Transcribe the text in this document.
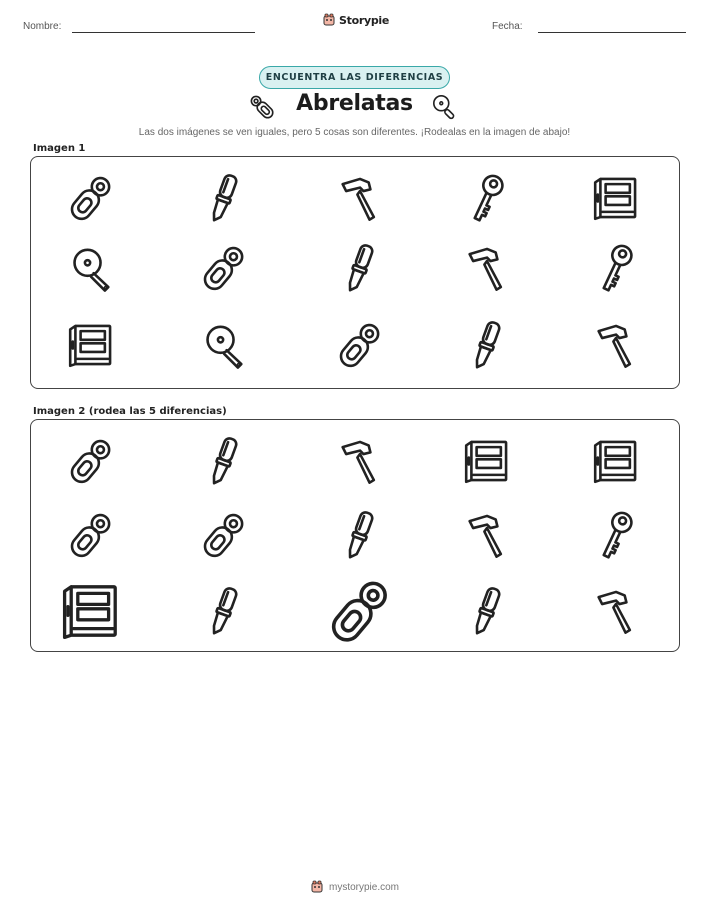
Nombre:	Storypie	Fecha:
ENCUENTRA LAS DIFERENCIAS
Abrelatas
Las dos imágenes se ven iguales, pero 5 cosas son diferentes. ¡Rodealas en la imagen de abajo!
Imagen 1
Imagen 2 (rodea las 5 diferencias)
mystorypie.com
